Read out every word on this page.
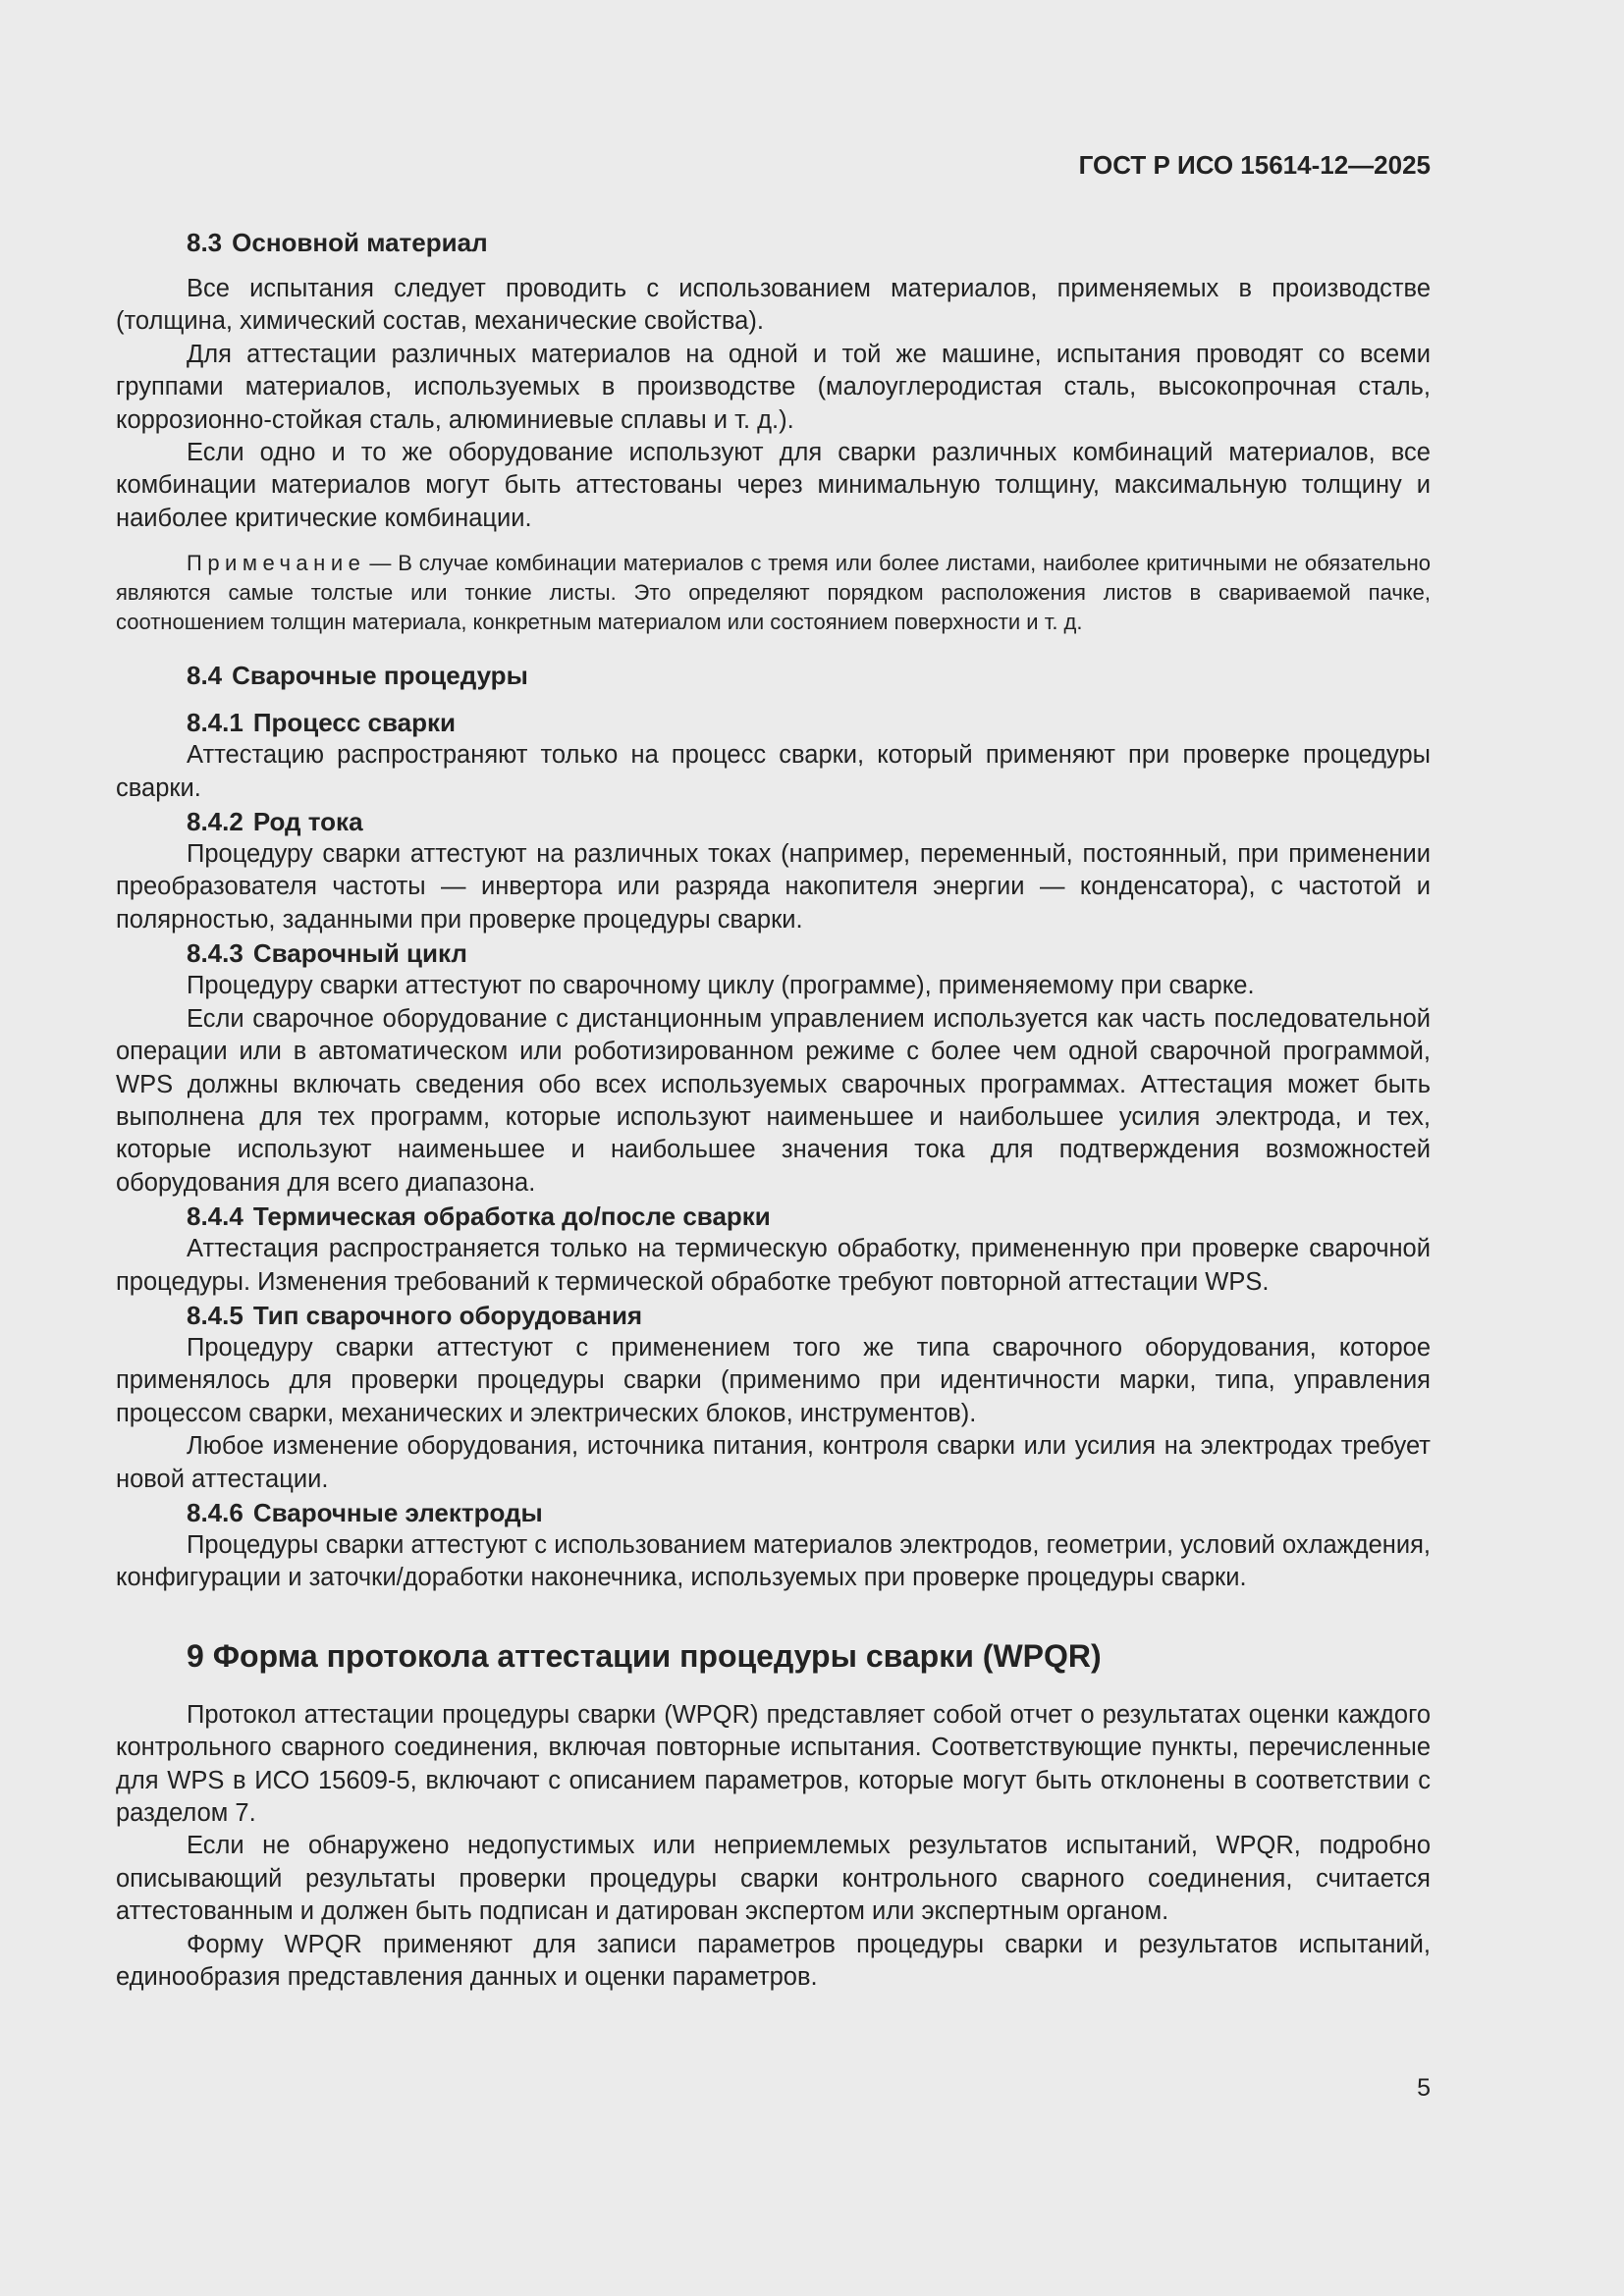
ГОСТ Р ИСО 15614-12—2025
8.3 Основной материал

Все испытания следует проводить с использованием материалов, применяемых в производстве (толщина, химический состав, механические свойства).

Для аттестации различных материалов на одной и той же машине, испытания проводят со всеми группами материалов, используемых в производстве (малоуглеродистая сталь, высокопрочная сталь, коррозионно-стойкая сталь, алюминиевые сплавы и т. д.).

Если одно и то же оборудование используют для сварки различных комбинаций материалов, все комбинации материалов могут быть аттестованы через минимальную толщину, максимальную толщину и наиболее критические комбинации.

Примечание — В случае комбинации материалов с тремя или более листами, наиболее критичными не обязательно являются самые толстые или тонкие листы. Это определяют порядком расположения листов в свариваемой пачке, соотношением толщин материала, конкретным материалом или состоянием поверхности и т. д.

8.4 Сварочные процедуры
8.4.1 Процесс сварки

Аттестацию распространяют только на процесс сварки, который применяют при проверке процедуры сварки.

8.4.2 Род тока

Процедуру сварки аттестуют на различных токах (например, переменный, постоянный, при применении преобразователя частоты — инвертора или разряда накопителя энергии — конденсатора), с частотой и полярностью, заданными при проверке процедуры сварки.

8.4.3 Сварочный цикл

Процедуру сварки аттестуют по сварочному циклу (программе), применяемому при сварке.

Если сварочное оборудование с дистанционным управлением используется как часть последовательной операции или в автоматическом или роботизированном режиме с более чем одной сварочной программой, WPS должны включать сведения обо всех используемых сварочных программах. Аттестация может быть выполнена для тех программ, которые используют наименьшее и наибольшее усилия электрода, и тех, которые используют наименьшее и наибольшее значения тока для подтверждения возможностей оборудования для всего диапазона.

8.4.4 Термическая обработка до/после сварки

Аттестация распространяется только на термическую обработку, примененную при проверке сварочной процедуры. Изменения требований к термической обработке требуют повторной аттестации WPS.

8.4.5 Тип сварочного оборудования

Процедуру сварки аттестуют с применением того же типа сварочного оборудования, которое применялось для проверки процедуры сварки (применимо при идентичности марки, типа, управления процессом сварки, механических и электрических блоков, инструментов).

Любое изменение оборудования, источника питания, контроля сварки или усилия на электродах требует новой аттестации.

8.4.6 Сварочные электроды

Процедуры сварки аттестуют с использованием материалов электродов, геометрии, условий охлаждения, конфигурации и заточки/доработки наконечника, используемых при проверке процедуры сварки.

9 Форма протокола аттестации процедуры сварки (WPQR)

Протокол аттестации процедуры сварки (WPQR) представляет собой отчет о результатах оценки каждого контрольного сварного соединения, включая повторные испытания. Соответствующие пункты, перечисленные для WPS в ИСО 15609-5, включают с описанием параметров, которые могут быть отклонены в соответствии с разделом 7.

Если не обнаружено недопустимых или неприемлемых результатов испытаний, WPQR, подробно описывающий результаты проверки процедуры сварки контрольного сварного соединения, считается аттестованным и должен быть подписан и датирован экспертом или экспертным органом.

Форму WPQR применяют для записи параметров процедуры сварки и результатов испытаний, единообразия представления данных и оценки параметров.

5
